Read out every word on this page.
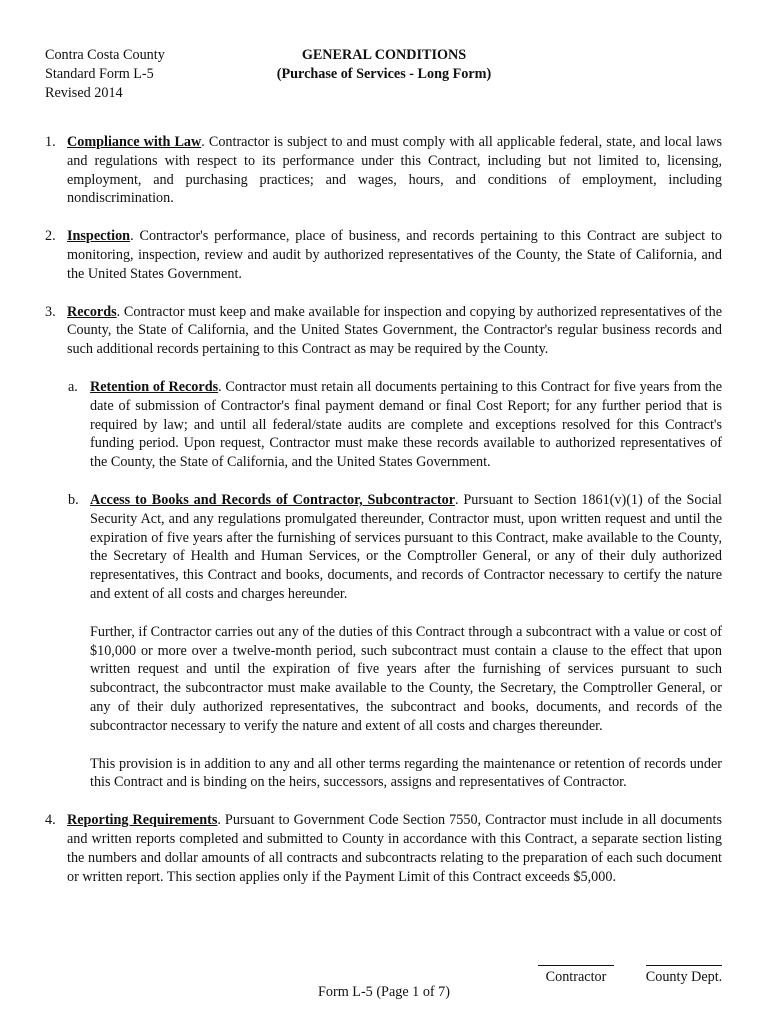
Contra Costa County
Standard Form L-5
Revised 2014
GENERAL CONDITIONS
(Purchase of Services - Long Form)
1. Compliance with Law. Contractor is subject to and must comply with all applicable federal, state, and local laws and regulations with respect to its performance under this Contract, including but not limited to, licensing, employment, and purchasing practices; and wages, hours, and conditions of employment, including nondiscrimination.
2. Inspection. Contractor's performance, place of business, and records pertaining to this Contract are subject to monitoring, inspection, review and audit by authorized representatives of the County, the State of California, and the United States Government.
3. Records. Contractor must keep and make available for inspection and copying by authorized representatives of the County, the State of California, and the United States Government, the Contractor's regular business records and such additional records pertaining to this Contract as may be required by the County.
a. Retention of Records. Contractor must retain all documents pertaining to this Contract for five years from the date of submission of Contractor's final payment demand or final Cost Report; for any further period that is required by law; and until all federal/state audits are complete and exceptions resolved for this Contract's funding period. Upon request, Contractor must make these records available to authorized representatives of the County, the State of California, and the United States Government.
b. Access to Books and Records of Contractor, Subcontractor. Pursuant to Section 1861(v)(1) of the Social Security Act, and any regulations promulgated thereunder, Contractor must, upon written request and until the expiration of five years after the furnishing of services pursuant to this Contract, make available to the County, the Secretary of Health and Human Services, or the Comptroller General, or any of their duly authorized representatives, this Contract and books, documents, and records of Contractor necessary to certify the nature and extent of all costs and charges hereunder.
Further, if Contractor carries out any of the duties of this Contract through a subcontract with a value or cost of $10,000 or more over a twelve-month period, such subcontract must contain a clause to the effect that upon written request and until the expiration of five years after the furnishing of services pursuant to such subcontract, the subcontractor must make available to the County, the Secretary, the Comptroller General, or any of their duly authorized representatives, the subcontract and books, documents, and records of the subcontractor necessary to verify the nature and extent of all costs and charges thereunder.
This provision is in addition to any and all other terms regarding the maintenance or retention of records under this Contract and is binding on the heirs, successors, assigns and representatives of Contractor.
4. Reporting Requirements. Pursuant to Government Code Section 7550, Contractor must include in all documents and written reports completed and submitted to County in accordance with this Contract, a separate section listing the numbers and dollar amounts of all contracts and subcontracts relating to the preparation of each such document or written report. This section applies only if the Payment Limit of this Contract exceeds $5,000.
Contractor	County Dept.
Form L-5 (Page 1 of 7)
